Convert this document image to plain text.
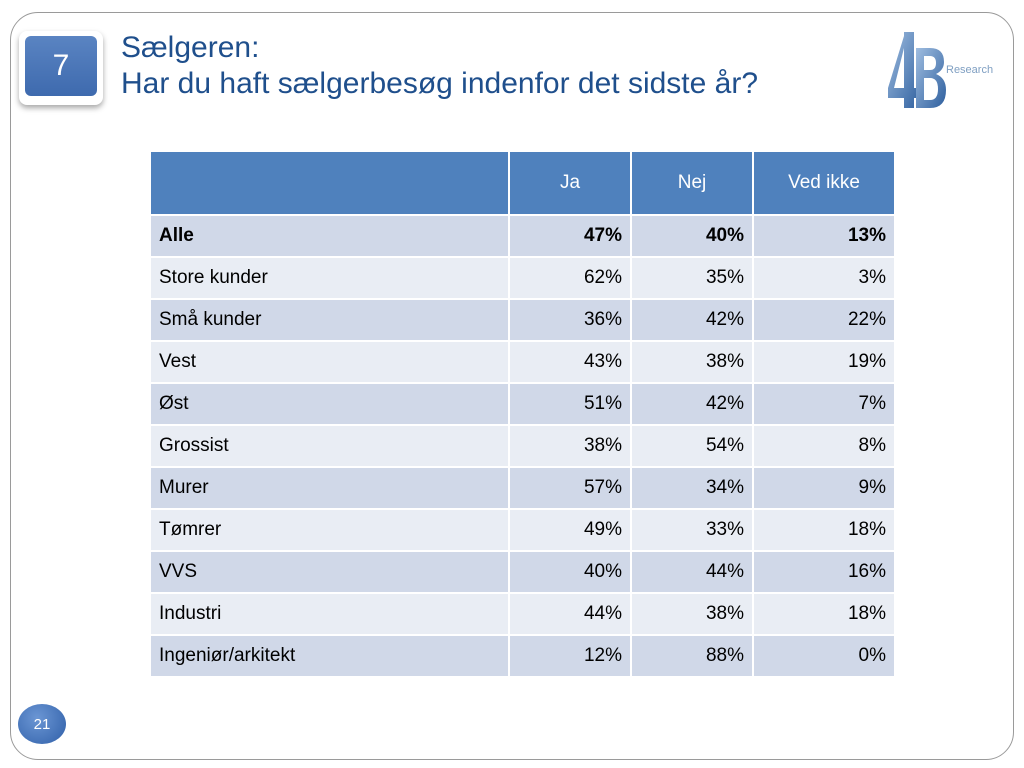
7
Sælgeren:
Har du haft sælgerbesøg indenfor det sidste år?	Research
	Ja	Nej	Ved ikke
Alle	47%	40%	13%
Store kunder	62%	35%	3%
Små kunder	36%	42%	22%
Vest	43%	38%	19%
Øst	51%	42%	7%
Grossist	38%	54%	8%
Murer	57%	34%	9%
Tømrer	49%	33%	18%
VVS	40%	44%	16%
Industri	44%	38%	18%
Ingeniør/arkitekt	12%	88%	0%
21
